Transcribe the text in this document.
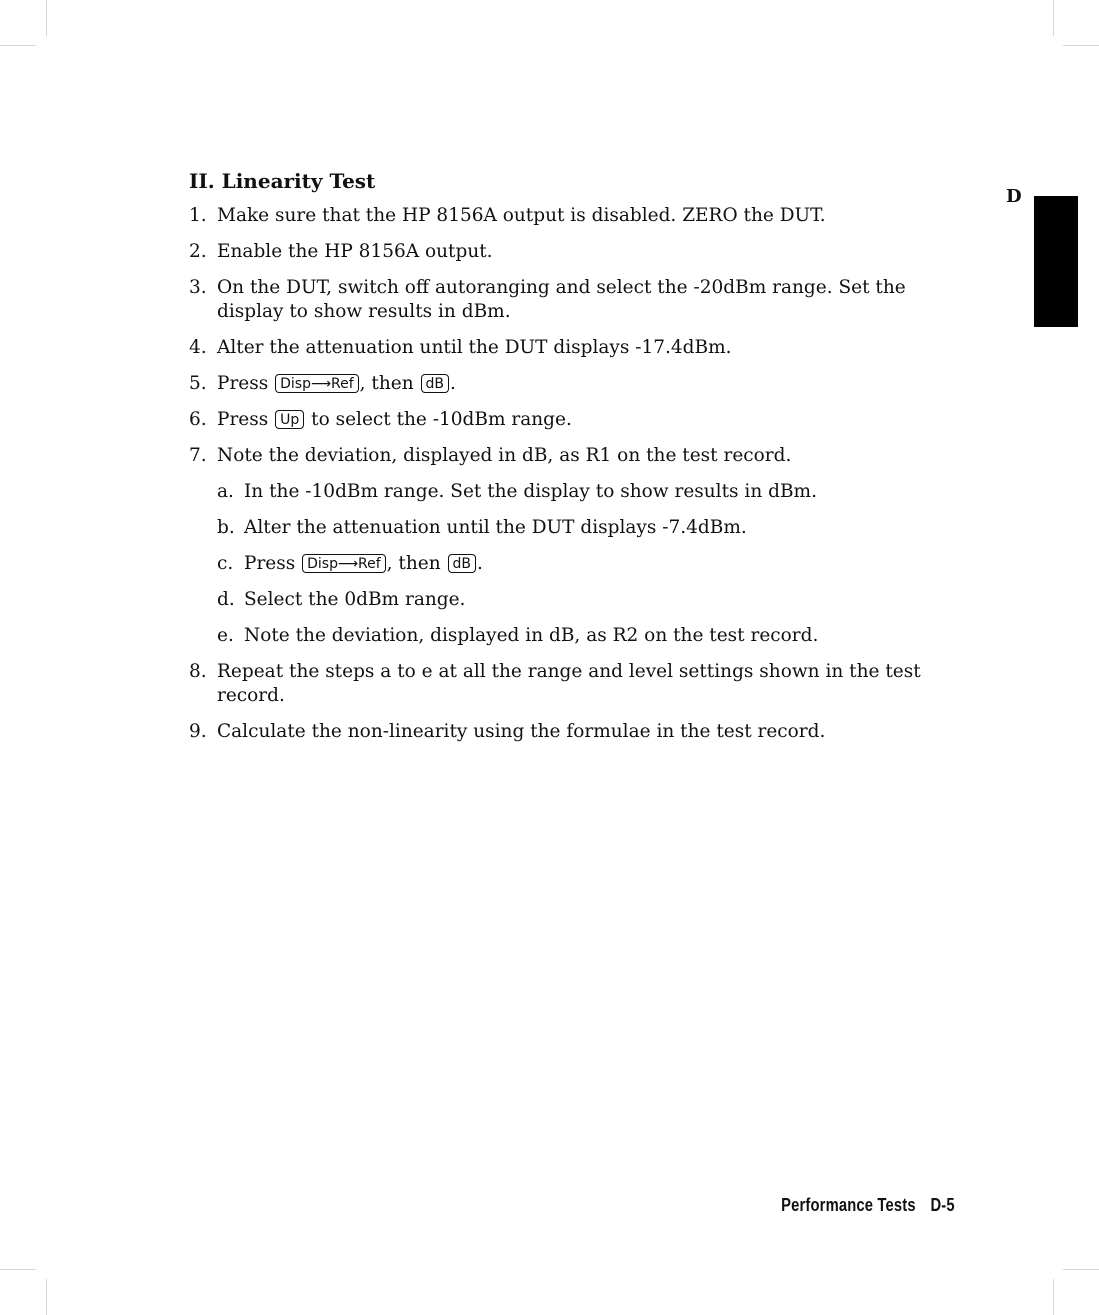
D
II. Linearity Test
1. Make sure that the HP 8156A output is disabled. ZERO the DUT.
2. Enable the HP 8156A output.
3. On the DUT, switch off autoranging and select the -20dBm range. Set the display to show results in dBm.
4. Alter the attenuation until the DUT displays -17.4dBm.
5. Press Disp⟶Ref , then dB .
6. Press Up to select the -10dBm range.
7. Note the deviation, displayed in dB, as R1 on the test record.
a. In the -10dBm range. Set the display to show results in dBm.
b. Alter the attenuation until the DUT displays -7.4dBm.
c. Press Disp⟶Ref , then dB .
d. Select the 0dBm range.
e. Note the deviation, displayed in dB, as R2 on the test record.
8. Repeat the steps a to e at all the range and level settings shown in the test record.
9. Calculate the non-linearity using the formulae in the test record.
Performance Tests D-5
